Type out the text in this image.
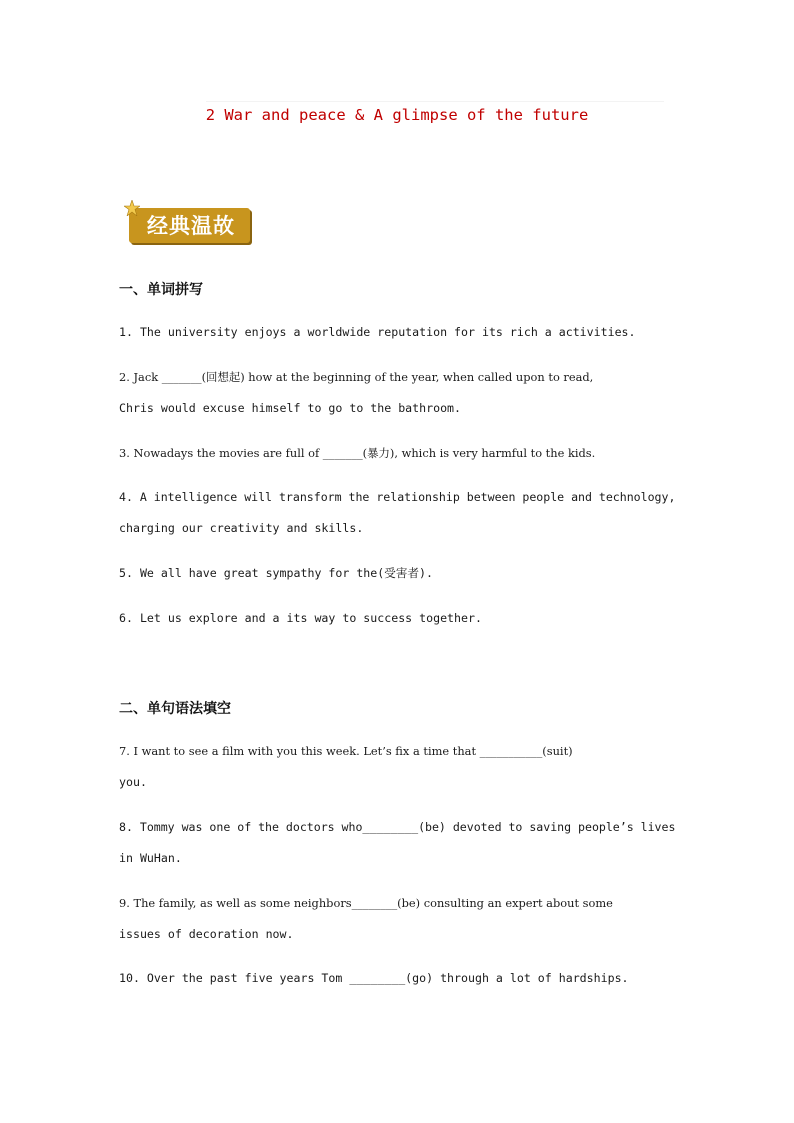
2 War and peace & A glimpse of the future
经典温故
一、单词拼写
1. The university enjoys a worldwide reputation for its rich a activities.
2. Jack _______(回想起) how at the beginning of the year, when called upon to read,
Chris would excuse himself to go to the bathroom.
3. Nowadays the movies are full of _______(暴力), which is very harmful to the kids.
4. A intelligence will transform the relationship between people and technology,
charging our creativity and skills.
5. We all have great sympathy for the(受害者).
6. Let us explore and a its way to success together.
二、单句语法填空
7. I want to see a film with you this week. Let’s fix a time that ___________(suit)
you.
8. Tommy was one of the doctors who________(be) devoted to saving people’s lives
in WuHan.
9. The family, as well as some neighbors________(be) consulting an expert about some
issues of decoration now.
10. Over the past five years Tom ________(go) through a lot of hardships.
